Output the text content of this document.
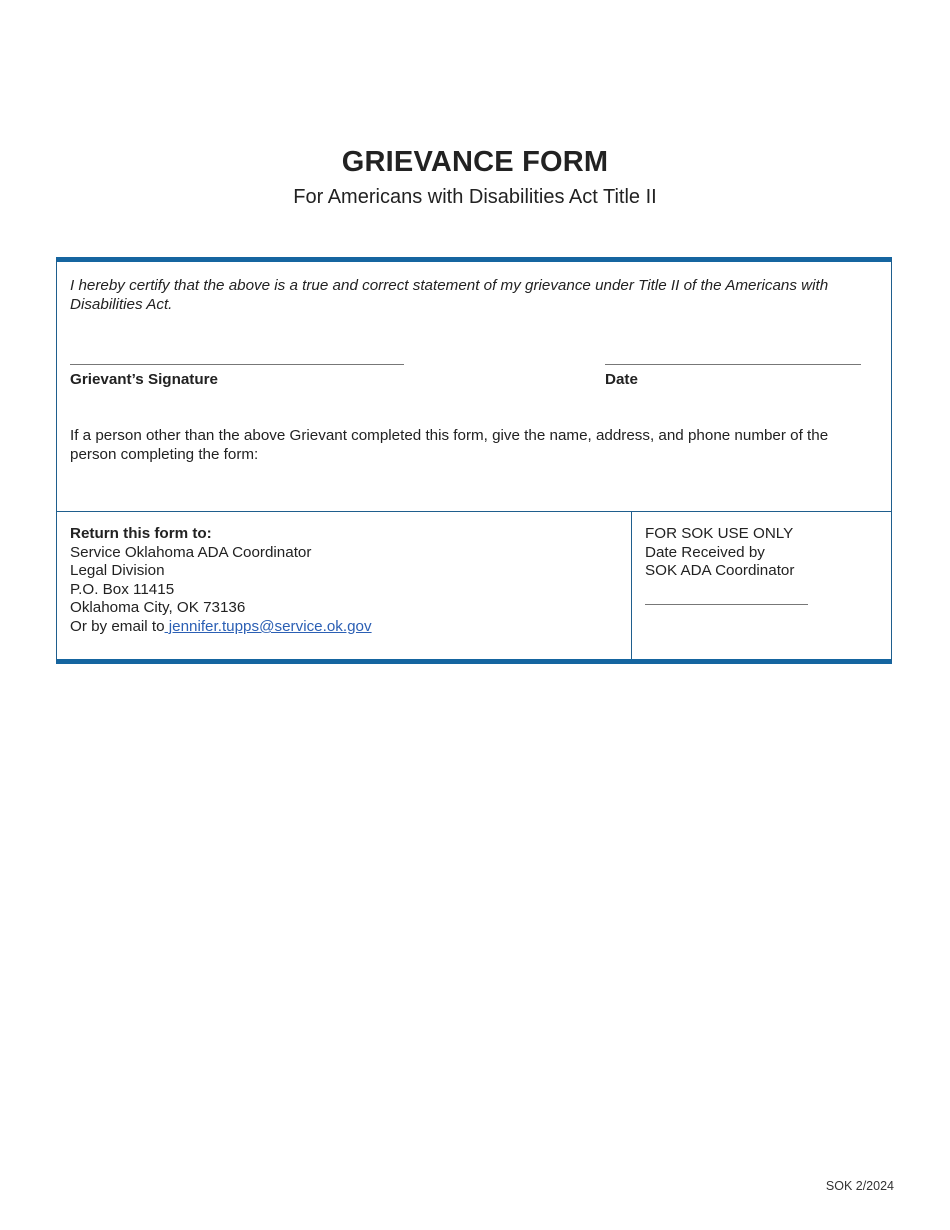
GRIEVANCE FORM
For Americans with Disabilities Act Title II
I hereby certify that the above is a true and correct statement of my grievance under Title II of the Americans with Disabilities Act.
Grievant’s Signature	Date
If a person other than the above Grievant completed this form, give the name, address, and phone number of the person completing the form:
Return this form to:
Service Oklahoma ADA Coordinator
Legal Division
P.O. Box 11415
Oklahoma City, OK 73136
Or by email to jennifer.tupps@service.ok.gov
FOR SOK USE ONLY
Date Received by
SOK ADA Coordinator
SOK 2/2024
